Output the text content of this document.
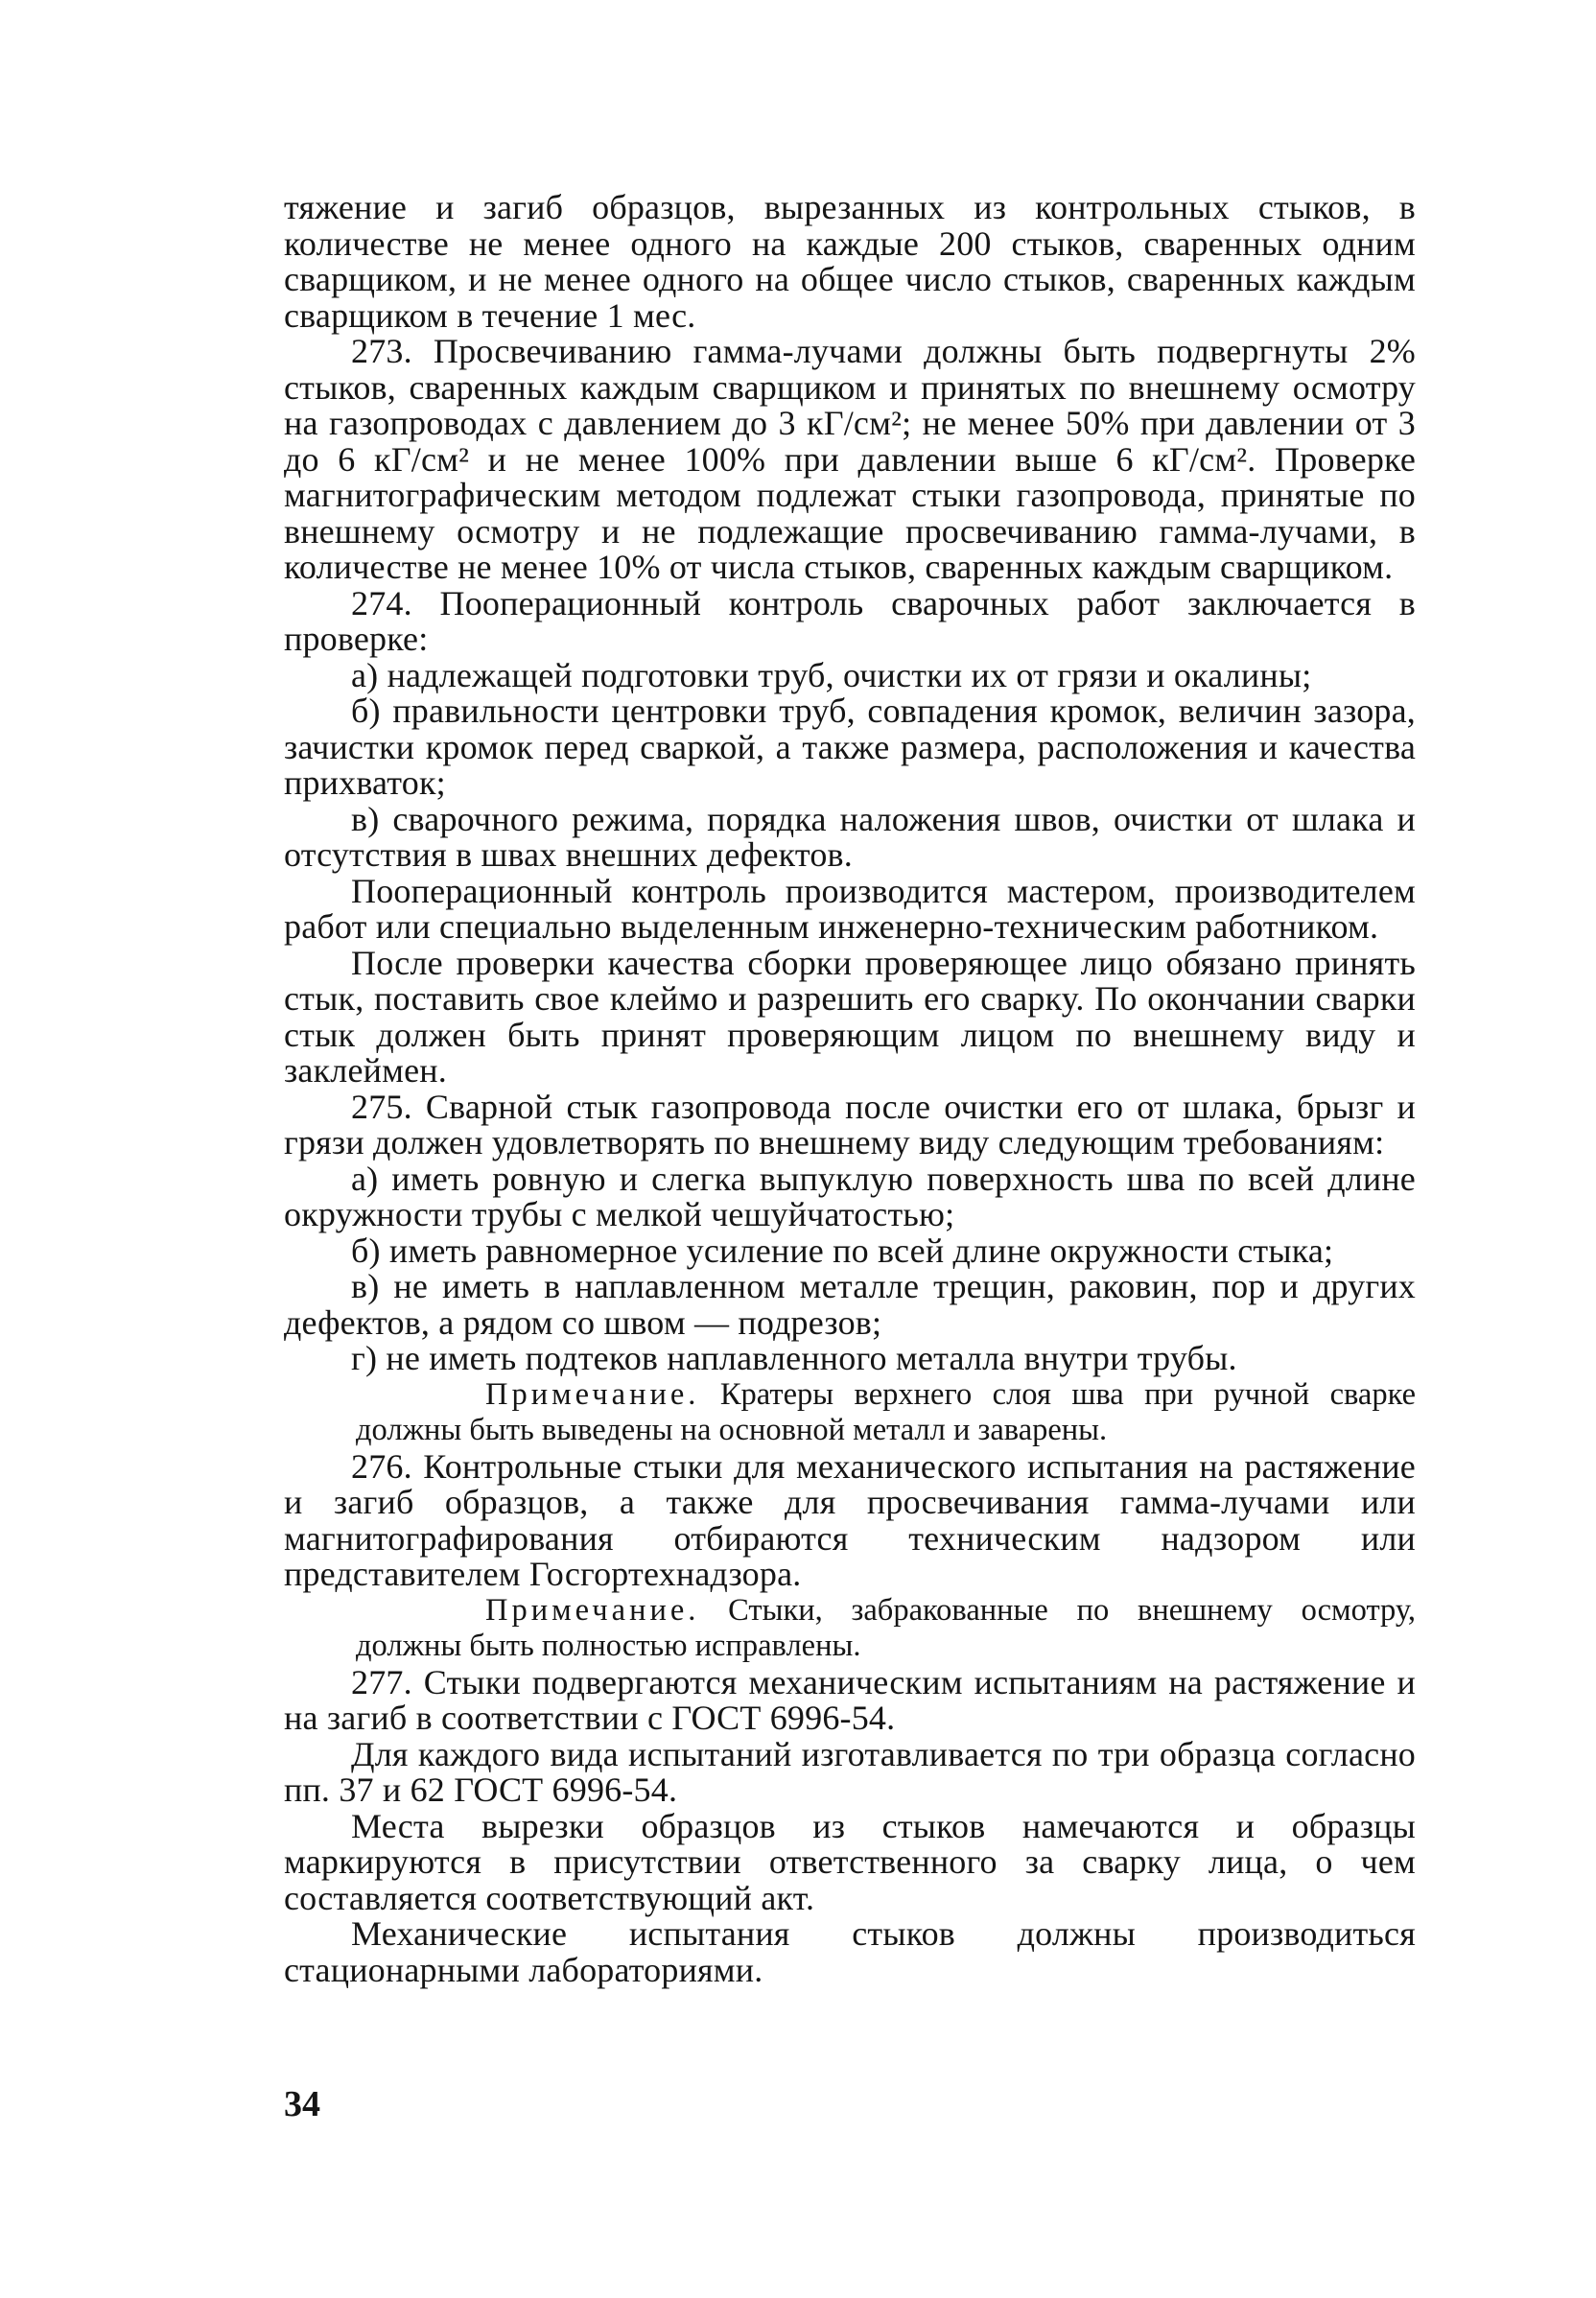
тяжение и загиб образцов, вырезанных из контрольных стыков, в количестве не менее одного на каждые 200 стыков, сваренных одним сварщиком, и не менее одного на общее число стыков, сваренных каждым сварщиком в течение 1 мес.

273. Просвечиванию гамма-лучами должны быть подвергнуты 2% стыков, сваренных каждым сварщиком и принятых по внешнему осмотру на газопроводах с давлением до 3 кГ/см²; не менее 50% при давлении от 3 до 6 кГ/см² и не менее 100% при давлении выше 6 кГ/см². Проверке магнитографическим методом подлежат стыки газопровода, принятые по внешнему осмотру и не подлежащие просвечиванию гамма-лучами, в количестве не менее 10% от числа стыков, сваренных каждым сварщиком.

274. Пооперационный контроль сварочных работ заключается в проверке:

а) надлежащей подготовки труб, очистки их от грязи и окалины;

б) правильности центровки труб, совпадения кромок, величин зазора, зачистки кромок перед сваркой, а также размера, расположения и качества прихваток;

в) сварочного режима, порядка наложения швов, очистки от шлака и отсутствия в швах внешних дефектов.

Пооперационный контроль производится мастером, производителем работ или специально выделенным инженерно-техническим работником.

После проверки качества сборки проверяющее лицо обязано принять стык, поставить свое клеймо и разрешить его сварку. По окончании сварки стык должен быть принят проверяющим лицом по внешнему виду и заклеймен.

275. Сварной стык газопровода после очистки его от шлака, брызг и грязи должен удовлетворять по внешнему виду следующим требованиям:

а) иметь ровную и слегка выпуклую поверхность шва по всей длине окружности трубы с мелкой чешуйчатостью;

б) иметь равномерное усиление по всей длине окружности стыка;

в) не иметь в наплавленном металле трещин, раковин, пор и других дефектов, а рядом со швом — подрезов;

г) не иметь подтеков наплавленного металла внутри трубы.

Примечание. Кратеры верхнего слоя шва при ручной сварке должны быть выведены на основной металл и заварены.

276. Контрольные стыки для механического испытания на растяжение и загиб образцов, а также для просвечивания гамма-лучами или магнитографирования отбираются техническим надзором или представителем Госгортехнадзора.

Примечание. Стыки, забракованные по внешнему осмотру, должны быть полностью исправлены.

277. Стыки подвергаются механическим испытаниям на растяжение и на загиб в соответствии с ГОСТ 6996-54.

Для каждого вида испытаний изготавливается по три образца согласно пп. 37 и 62 ГОСТ 6996-54.

Места вырезки образцов из стыков намечаются и образцы маркируются в присутствии ответственного за сварку лица, о чем составляется соответствующий акт.

Механические испытания стыков должны производиться стационарными лабораториями.

34
